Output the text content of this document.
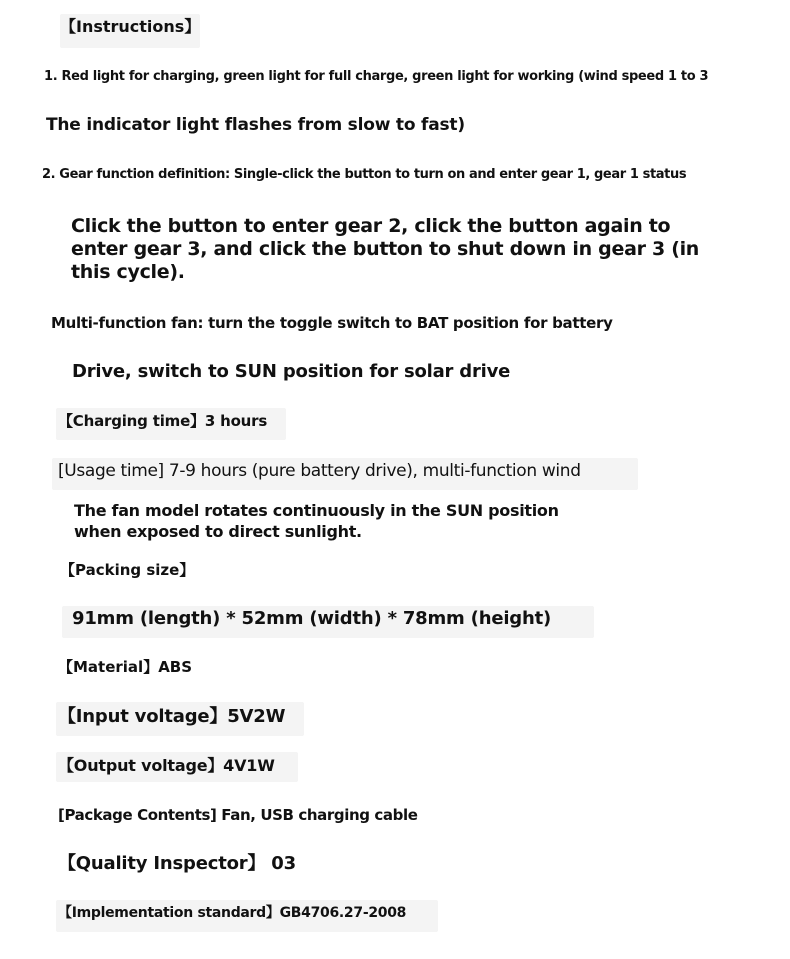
【Instructions】
1. Red light for charging, green light for full charge, green light for working (wind speed 1 to 3
The indicator light flashes from slow to fast)
2. Gear function definition: Single-click the button to turn on and enter gear 1, gear 1 status
Click the button to enter gear 2, click the button again to
enter gear 3, and click the button to shut down in gear 3 (in
this cycle).
Multi-function fan: turn the toggle switch to BAT position for battery
Drive, switch to SUN position for solar drive
【Charging time】3 hours
[Usage time] 7-9 hours (pure battery drive), multi-function wind
The fan model rotates continuously in the SUN position
when exposed to direct sunlight.
【Packing size】
91mm (length) * 52mm (width) * 78mm (height)
【Material】ABS
【Input voltage】5V2W
【Output voltage】4V1W
[Package Contents] Fan, USB charging cable
【Quality Inspector】 03
【Implementation standard】GB4706.27-2008
